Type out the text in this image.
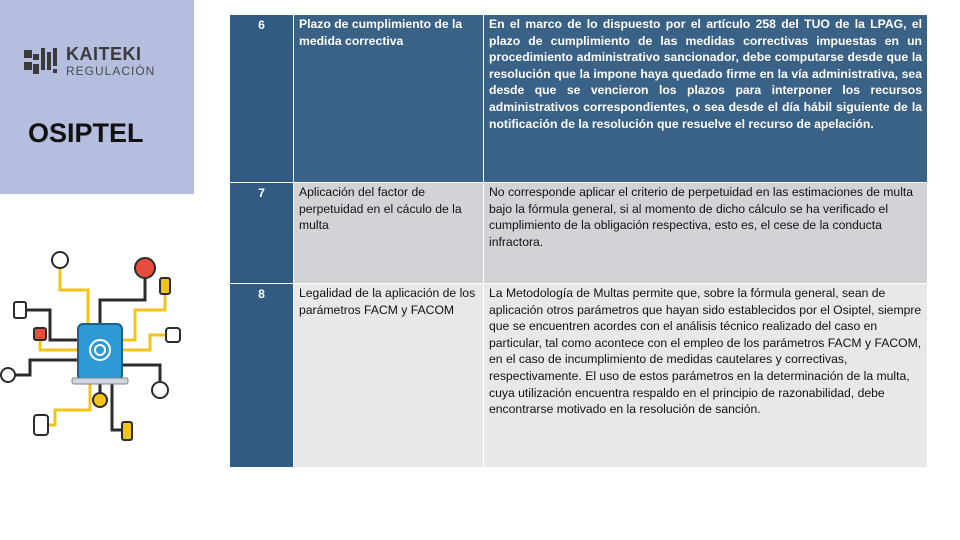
KAITEKI
REGULACIÓN
OSIPTEL
6	Plazo de cumplimiento de la medida correctiva	En el marco de lo dispuesto por el artículo 258 del TUO de la LPAG, el plazo de cumplimiento de las medidas correctivas impuestas en un procedimiento administrativo sancionador, debe computarse desde que la resolución que la impone haya quedado firme en la vía administrativa, sea desde que se vencieron los plazos para interponer los recursos administrativos correspondientes, o sea desde el día hábil siguiente de la notificación de la resolución que resuelve el recurso de apelación.
7	Aplicación del factor de perpetuidad en el cáculo de la multa	No corresponde aplicar el criterio de perpetuidad en las estimaciones de multa bajo la fórmula general, si al momento de dicho cálculo se ha verificado el cumplimiento de la obligación respectiva, esto es, el cese de la conducta infractora.
8	Legalidad de la aplicación de los parámetros FACM y FACOM	La Metodología de Multas permite que, sobre la fórmula general, sean de aplicación otros parámetros que hayan sido establecidos por el Osiptel, siempre que se encuentren acordes con el análisis técnico realizado del caso en particular, tal como acontece con el empleo de los parámetros FACM y FACOM, en el caso de incumplimiento de medidas cautelares y correctivas, respectivamente. El uso de estos parámetros en la determinación de la multa, cuya utilización encuentra respaldo en el principio de razonabilidad, debe encontrarse motivado en la resolución de sanción.
